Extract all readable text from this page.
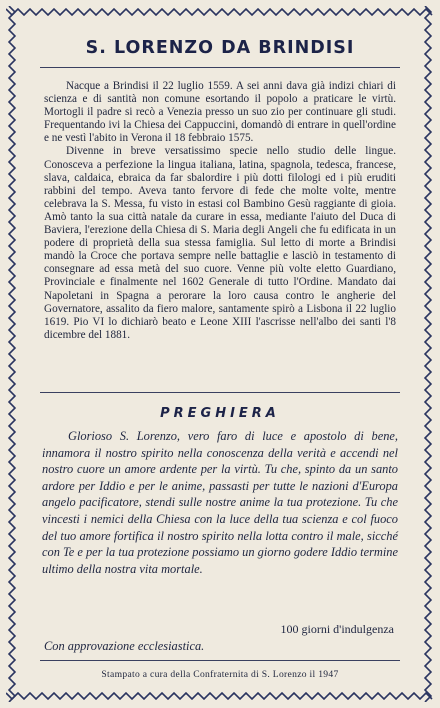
S. LORENZO DA BRINDISI

Nacque a Brindisi il 22 luglio 1559. A sei anni dava già indizi chiari di scienza e di santità non comune esortando il popolo a praticare le virtù. Mortogli il padre si recò a Venezia presso un suo zio per continuare gli studi. Frequentando ivi la Chiesa dei Cappuccini, domandò di entrare in quell'ordine e ne vestì l'abito in Verona il 18 febbraio 1575.

Divenne in breve versatissimo specie nello studio delle lingue. Conosceva a perfezione la lingua italiana, latina, spagnola, tedesca, francese, slava, caldaica, ebraica da far sbalordire i più dotti filologi ed i più eruditi rabbini del tempo. Aveva tanto fervore di fede che molte volte, mentre celebrava la S. Messa, fu visto in estasi col Bambino Gesù raggiante di gioia. Amò tanto la sua città natale da curare in essa, mediante l'aiuto del Duca di Baviera, l'erezione della Chiesa di S. Maria degli Angeli che fu edificata in un podere di proprietà della sua stessa famiglia. Sul letto di morte a Brindisi mandò la Croce che portava sempre nelle battaglie e lasciò in testamento di consegnare ad essa metà del suo cuore. Venne più volte eletto Guardiano, Provinciale e finalmente nel 1602 Generale di tutto l'Ordine. Mandato dai Napoletani in Spagna a perorare la loro causa contro le angherie del Governatore, assalito da fiero malore, santamente spirò a Lisbona il 22 luglio 1619. Pio VI lo dichiarò beato e Leone XIII l'ascrisse nell'albo dei santi l'8 dicembre del 1881.

PREGHIERA

Glorioso S. Lorenzo, vero faro di luce e apostolo di bene, innamora il nostro spirito nella conoscenza della verità e accendi nel nostro cuore un amore ardente per la virtù. Tu che, spinto da un santo ardore per Iddio e per le anime, passasti per tutte le nazioni d'Europa angelo pacificatore, stendi sulle nostre anime la tua protezione. Tu che vincesti i nemici della Chiesa con la luce della tua scienza e col fuoco del tuo amore fortifica il nostro spirito nella lotta contro il male, sicché con Te e per la tua protezione possiamo un giorno godere Iddio termine ultimo della nostra vita mortale.

100 giorni d'indulgenza
Con approvazione ecclesiastica.
Stampato a cura della Confraternita di S. Lorenzo il 1947
